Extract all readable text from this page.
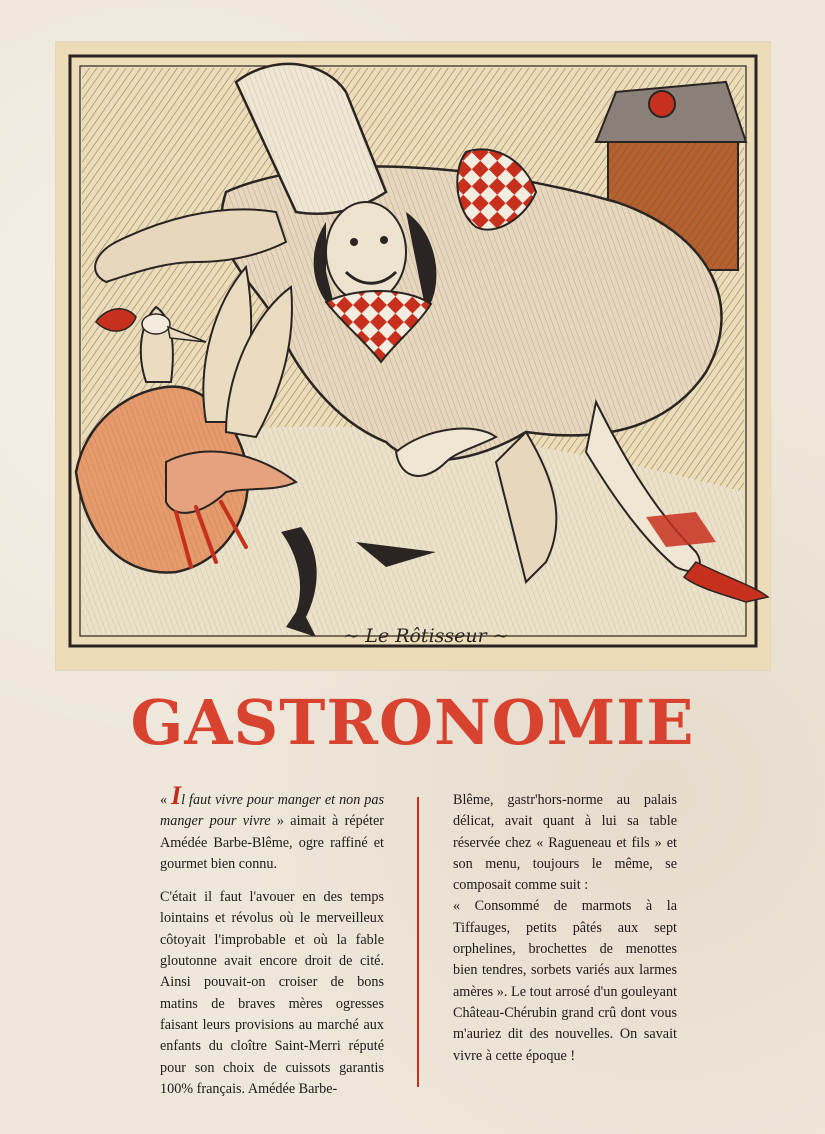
~ Le Rôtisseur ~
GASTRONOMIE

« Il faut vivre pour manger et non pas manger pour vivre » aimait à répéter Amédée Barbe-Blême, ogre raffiné et gourmet bien connu.

C'était il faut l'avouer en des temps lointains et révolus où le merveilleux côtoyait l'improbable et où la fable gloutonne avait encore droit de cité. Ainsi pouvait-on croiser de bons matins de braves mères ogresses faisant leurs provisions au marché aux enfants du cloître Saint-Merri réputé pour son choix de cuissots garantis 100% français. Amédée Barbe-

Blême, gastr'hors-norme au palais délicat, avait quant à lui sa table réservée chez « Ragueneau et fils » et son menu, toujours le même, se composait comme suit :

« Consommé de marmots à la Tiffauges, petits pâtés aux sept orphelines, brochettes de menottes bien tendres, sorbets variés aux larmes amères ». Le tout arrosé d'un gouleyant Château-Chérubin grand crû dont vous m'auriez dit des nouvelles. On savait vivre à cette époque !
